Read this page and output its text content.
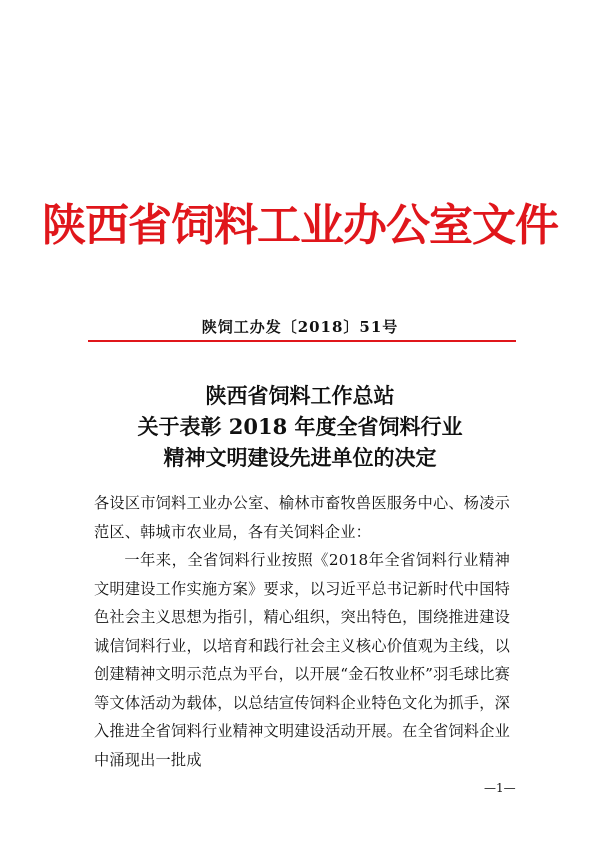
陕西省饲料工业办公室文件
陕饲工办发〔2018〕51号
陕西省饲料工作总站
关于表彰 2018 年度全省饲料行业
精神文明建设先进单位的决定

各设区市饲料工业办公室、榆林市畜牧兽医服务中心、杨凌示范区、韩城市农业局，各有关饲料企业：

一年来，全省饲料行业按照《2018年全省饲料行业精神文明建设工作实施方案》要求，以习近平总书记新时代中国特色社会主义思想为指引，精心组织，突出特色，围绕推进建设诚信饲料行业，以培育和践行社会主义核心价值观为主线，以创建精神文明示范点为平台，以开展“金石牧业杯”羽毛球比赛等文体活动为载体，以总结宣传饲料企业特色文化为抓手，深入推进全省饲料行业精神文明建设活动开展。在全省饲料企业中涌现出一批成

—1—
